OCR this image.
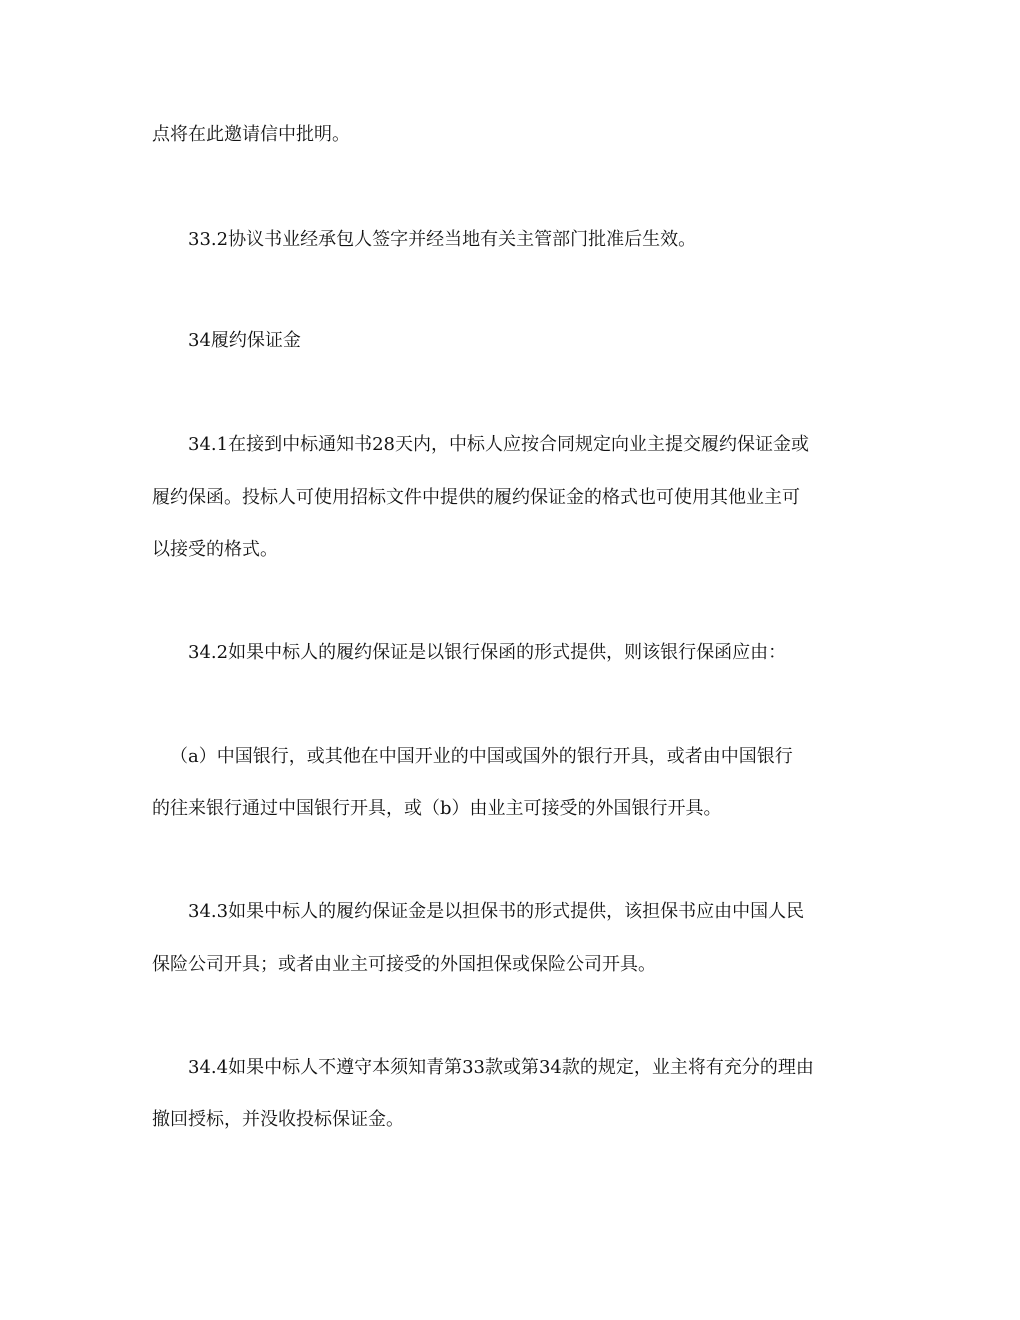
点将在此邀请信中批明。

33.2协议书业经承包人签字并经当地有关主管部门批准后生效。

34履约保证金

34.1在接到中标通知书28天内，中标人应按合同规定向业主提交履约保证金或

履约保函。投标人可使用招标文件中提供的履约保证金的格式也可使用其他业主可

以接受的格式。

34.2如果中标人的履约保证是以银行保函的形式提供，则该银行保函应由：

（a）中国银行，或其他在中国开业的中国或国外的银行开具，或者由中国银行

的往来银行通过中国银行开具，或（b）由业主可接受的外国银行开具。

34.3如果中标人的履约保证金是以担保书的形式提供，该担保书应由中国人民

保险公司开具；或者由业主可接受的外国担保或保险公司开具。

34.4如果中标人不遵守本须知青第33款或第34款的规定，业主将有充分的理由

撤回授标，并没收投标保证金。
